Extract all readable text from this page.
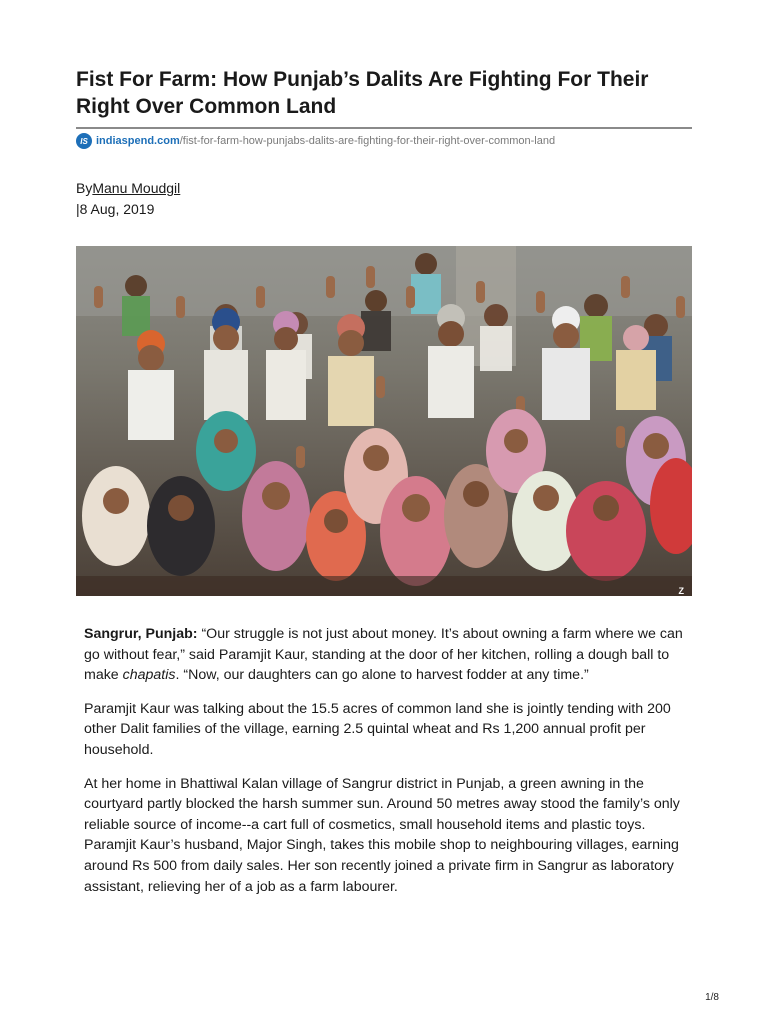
Fist For Farm: How Punjab’s Dalits Are Fighting For Their Right Over Common Land
IS indiaspend.com /fist-for-farm-how-punjabs-dalits-are-fighting-for-their-right-over-common-land
ByManu Moudgil
|8 Aug, 2019
Z

Sangrur, Punjab: “Our struggle is not just about money. It’s about owning a farm where we can go without fear,” said Paramjit Kaur, standing at the door of her kitchen, rolling a dough ball to make chapatis. “Now, our daughters can go alone to harvest fodder at any time.”

Paramjit Kaur was talking about the 15.5 acres of common land she is jointly tending with 200 other Dalit families of the village, earning 2.5 quintal wheat and Rs 1,200 annual profit per household.

At her home in Bhattiwal Kalan village of Sangrur district in Punjab, a green awning in the courtyard partly blocked the harsh summer sun. Around 50 metres away stood the family’s only reliable source of income--a cart full of cosmetics, small household items and plastic toys. Paramjit Kaur’s husband, Major Singh, takes this mobile shop to neighbouring villages, earning around Rs 500 from daily sales. Her son recently joined a private firm in Sangrur as laboratory assistant, relieving her of a job as a farm labourer.

1/8
